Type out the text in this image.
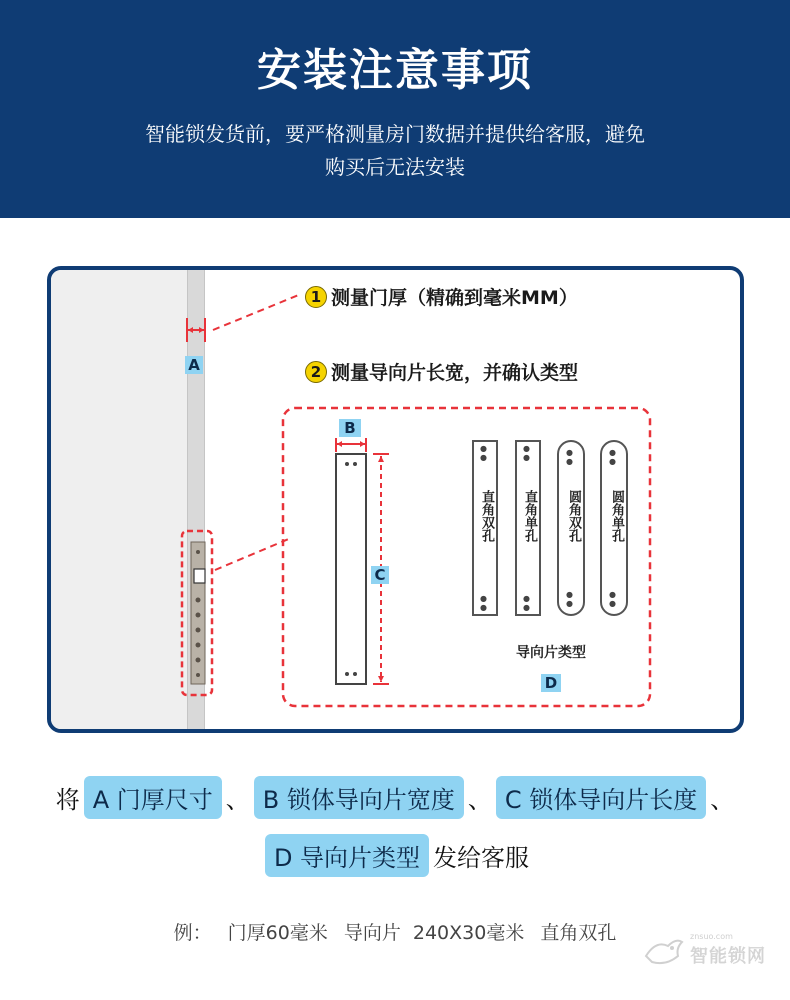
安装注意事项
智能锁发货前，要严格测量房门数据并提供给客服，避免
购买后无法安装
A
1 测量门厚（精确到毫米MM）
2 测量导向片长宽，并确认类型
B
C
● ●
直角双孔
● ●
● ●
直角单孔
● ●
● ●
圆角双孔
● ●
● ●
圆角单孔
● ●
导向片类型
D
将 A 门厚尺寸 、 B 锁体导向片宽度 、 C 锁体导向片长度 、
D 导向片类型 发给客服
例： 门厚60毫米 导向片 240X30毫米 直角双孔	znsuo.com
智能锁网
